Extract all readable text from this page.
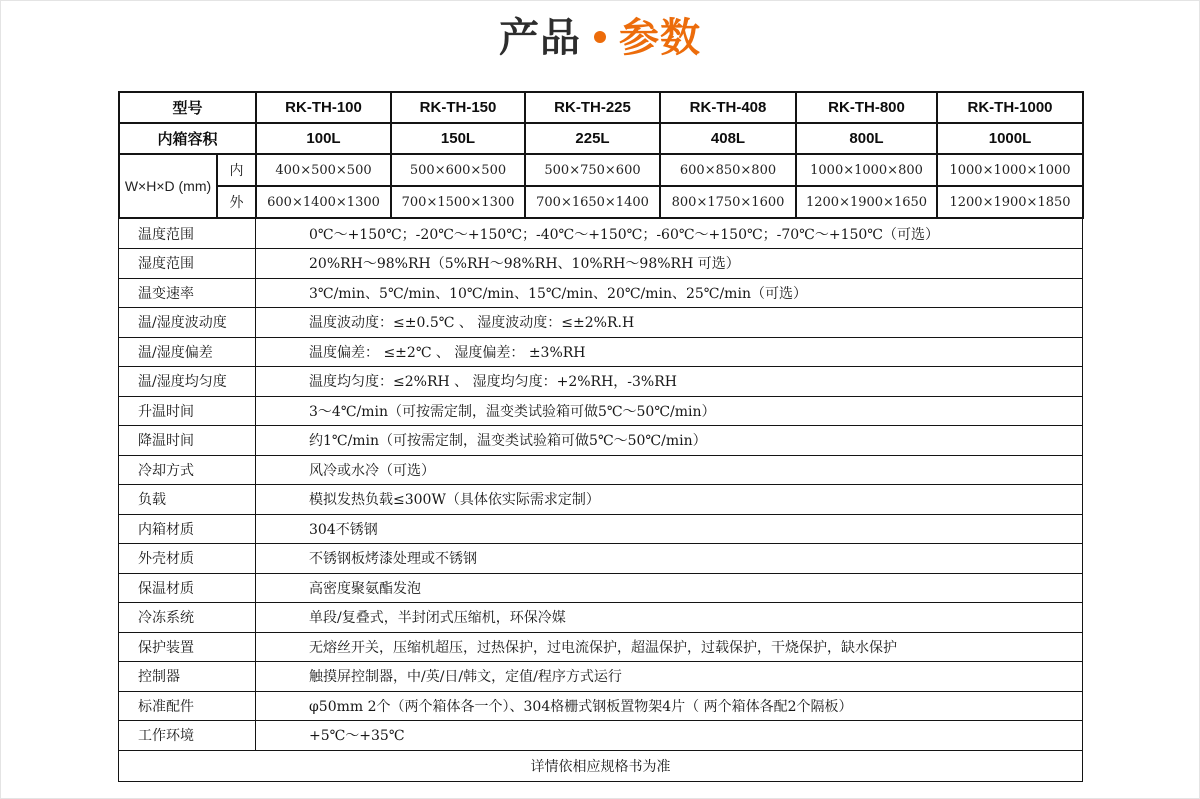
产品 参数
型号		RK-TH-100	RK-TH-150	RK-TH-225	RK-TH-408	RK-TH-800	RK-TH-1000
内箱容积		100L	150L	225L	408L	800L	1000L
W×H×D (mm)	内	400×500×500	500×600×500	500×750×600	600×850×800	1000×1000×800	1000×1000×1000
	外	600×1400×1300	700×1500×1300	700×1650×1400	800×1750×1600	1200×1900×1650	1200×1900×1850
温度范围	0℃～+150℃；-20℃～+150℃；-40℃～+150℃；-60℃～+150℃；-70℃～+150℃（可选）
湿度范围	20%RH～98%RH（5%RH～98%RH、10%RH～98%RH 可选）
温变速率	3℃/min、5℃/min、10℃/min、15℃/min、20℃/min、25℃/min（可选）
温/湿度波动度	温度波动度：≤±0.5℃ 、 湿度波动度：≤±2%R.H
温/湿度偏差	温度偏差： ≤±2℃ 、 湿度偏差： ±3%RH
温/湿度均匀度	温度均匀度：≤2%RH 、 湿度均匀度：+2%RH，-3%RH
升温时间	3～4℃/min（可按需定制，温变类试验箱可做5℃～50℃/min）
降温时间	约1℃/min（可按需定制，温变类试验箱可做5℃～50℃/min）
冷却方式	风冷或水冷（可选）
负载	模拟发热负载≤300W（具体依实际需求定制）
内箱材质	304不锈钢
外壳材质	不锈钢板烤漆处理或不锈钢
保温材质	高密度聚氨酯发泡
冷冻系统	单段/复叠式，半封闭式压缩机，环保冷媒
保护装置	无熔丝开关，压缩机超压，过热保护，过电流保护，超温保护，过载保护，干烧保护，缺水保护
控制器	触摸屏控制器，中/英/日/韩文，定值/程序方式运行
标准配件	φ50mm 2个（两个箱体各一个）、304格栅式钢板置物架4片（ 两个箱体各配2个隔板）
工作环境	+5℃～+35℃
详情依相应规格书为准	
